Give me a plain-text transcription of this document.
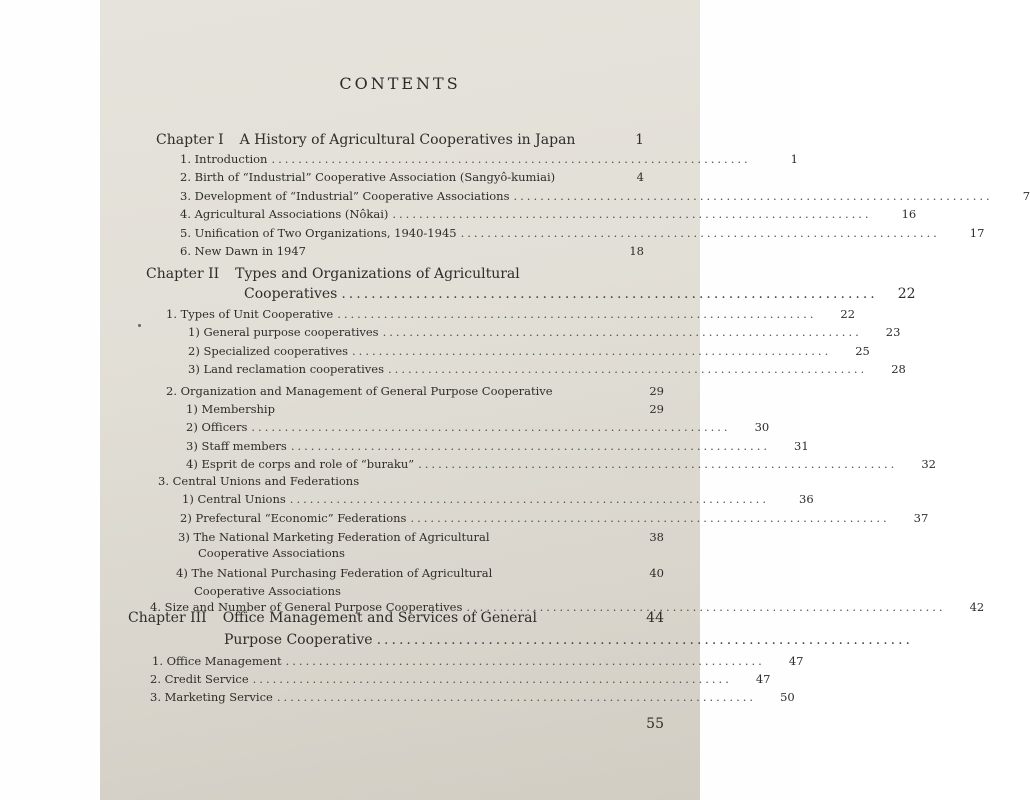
CONTENTS
Chapter I A History of Agricultural Cooperatives in Japan	1
1. Introduction ........................................................................	1
2. Birth of “Industrial” Cooperative Association (Sangyô-kumiai)	4
3. Development of “Industrial” Cooperative Associations ........................................................................	7
4. Agricultural Associations (Nôkai) ........................................................................	16
5. Unification of Two Organizations, 1940-1945 ........................................................................	17
6. New Dawn in 1947	18
Chapter II Types and Organizations of Agricultural
Cooperatives ........................................................................ 22
1. Types of Unit Cooperative ........................................................................ 22
1) General purpose cooperatives ........................................................................ 23
2) Specialized cooperatives ........................................................................ 25
3) Land reclamation cooperatives ........................................................................ 28
2. Organization and Management of General Purpose Cooperative	29
1) Membership	29
2) Officers ........................................................................ 30
3) Staff members ........................................................................ 31
4) Esprit de corps and role of “buraku” ........................................................................ 32
3. Central Unions and Federations
1) Central Unions ........................................................................	36
2) Prefectural “Economic” Federations ........................................................................ 37
3) The National Marketing Federation of Agricultural	38
Cooperative Associations
4) The National Purchasing Federation of Agricultural	40
Cooperative Associations
4. Size and Number of General Purpose Cooperatives ........................................................................ 42
Chapter III Office Management and Services of General	44
Purpose Cooperative ........................................................................
1. Office Management ........................................................................ 47
2. Credit Service ........................................................................ 47
3. Marketing Service ........................................................................ 50
55
